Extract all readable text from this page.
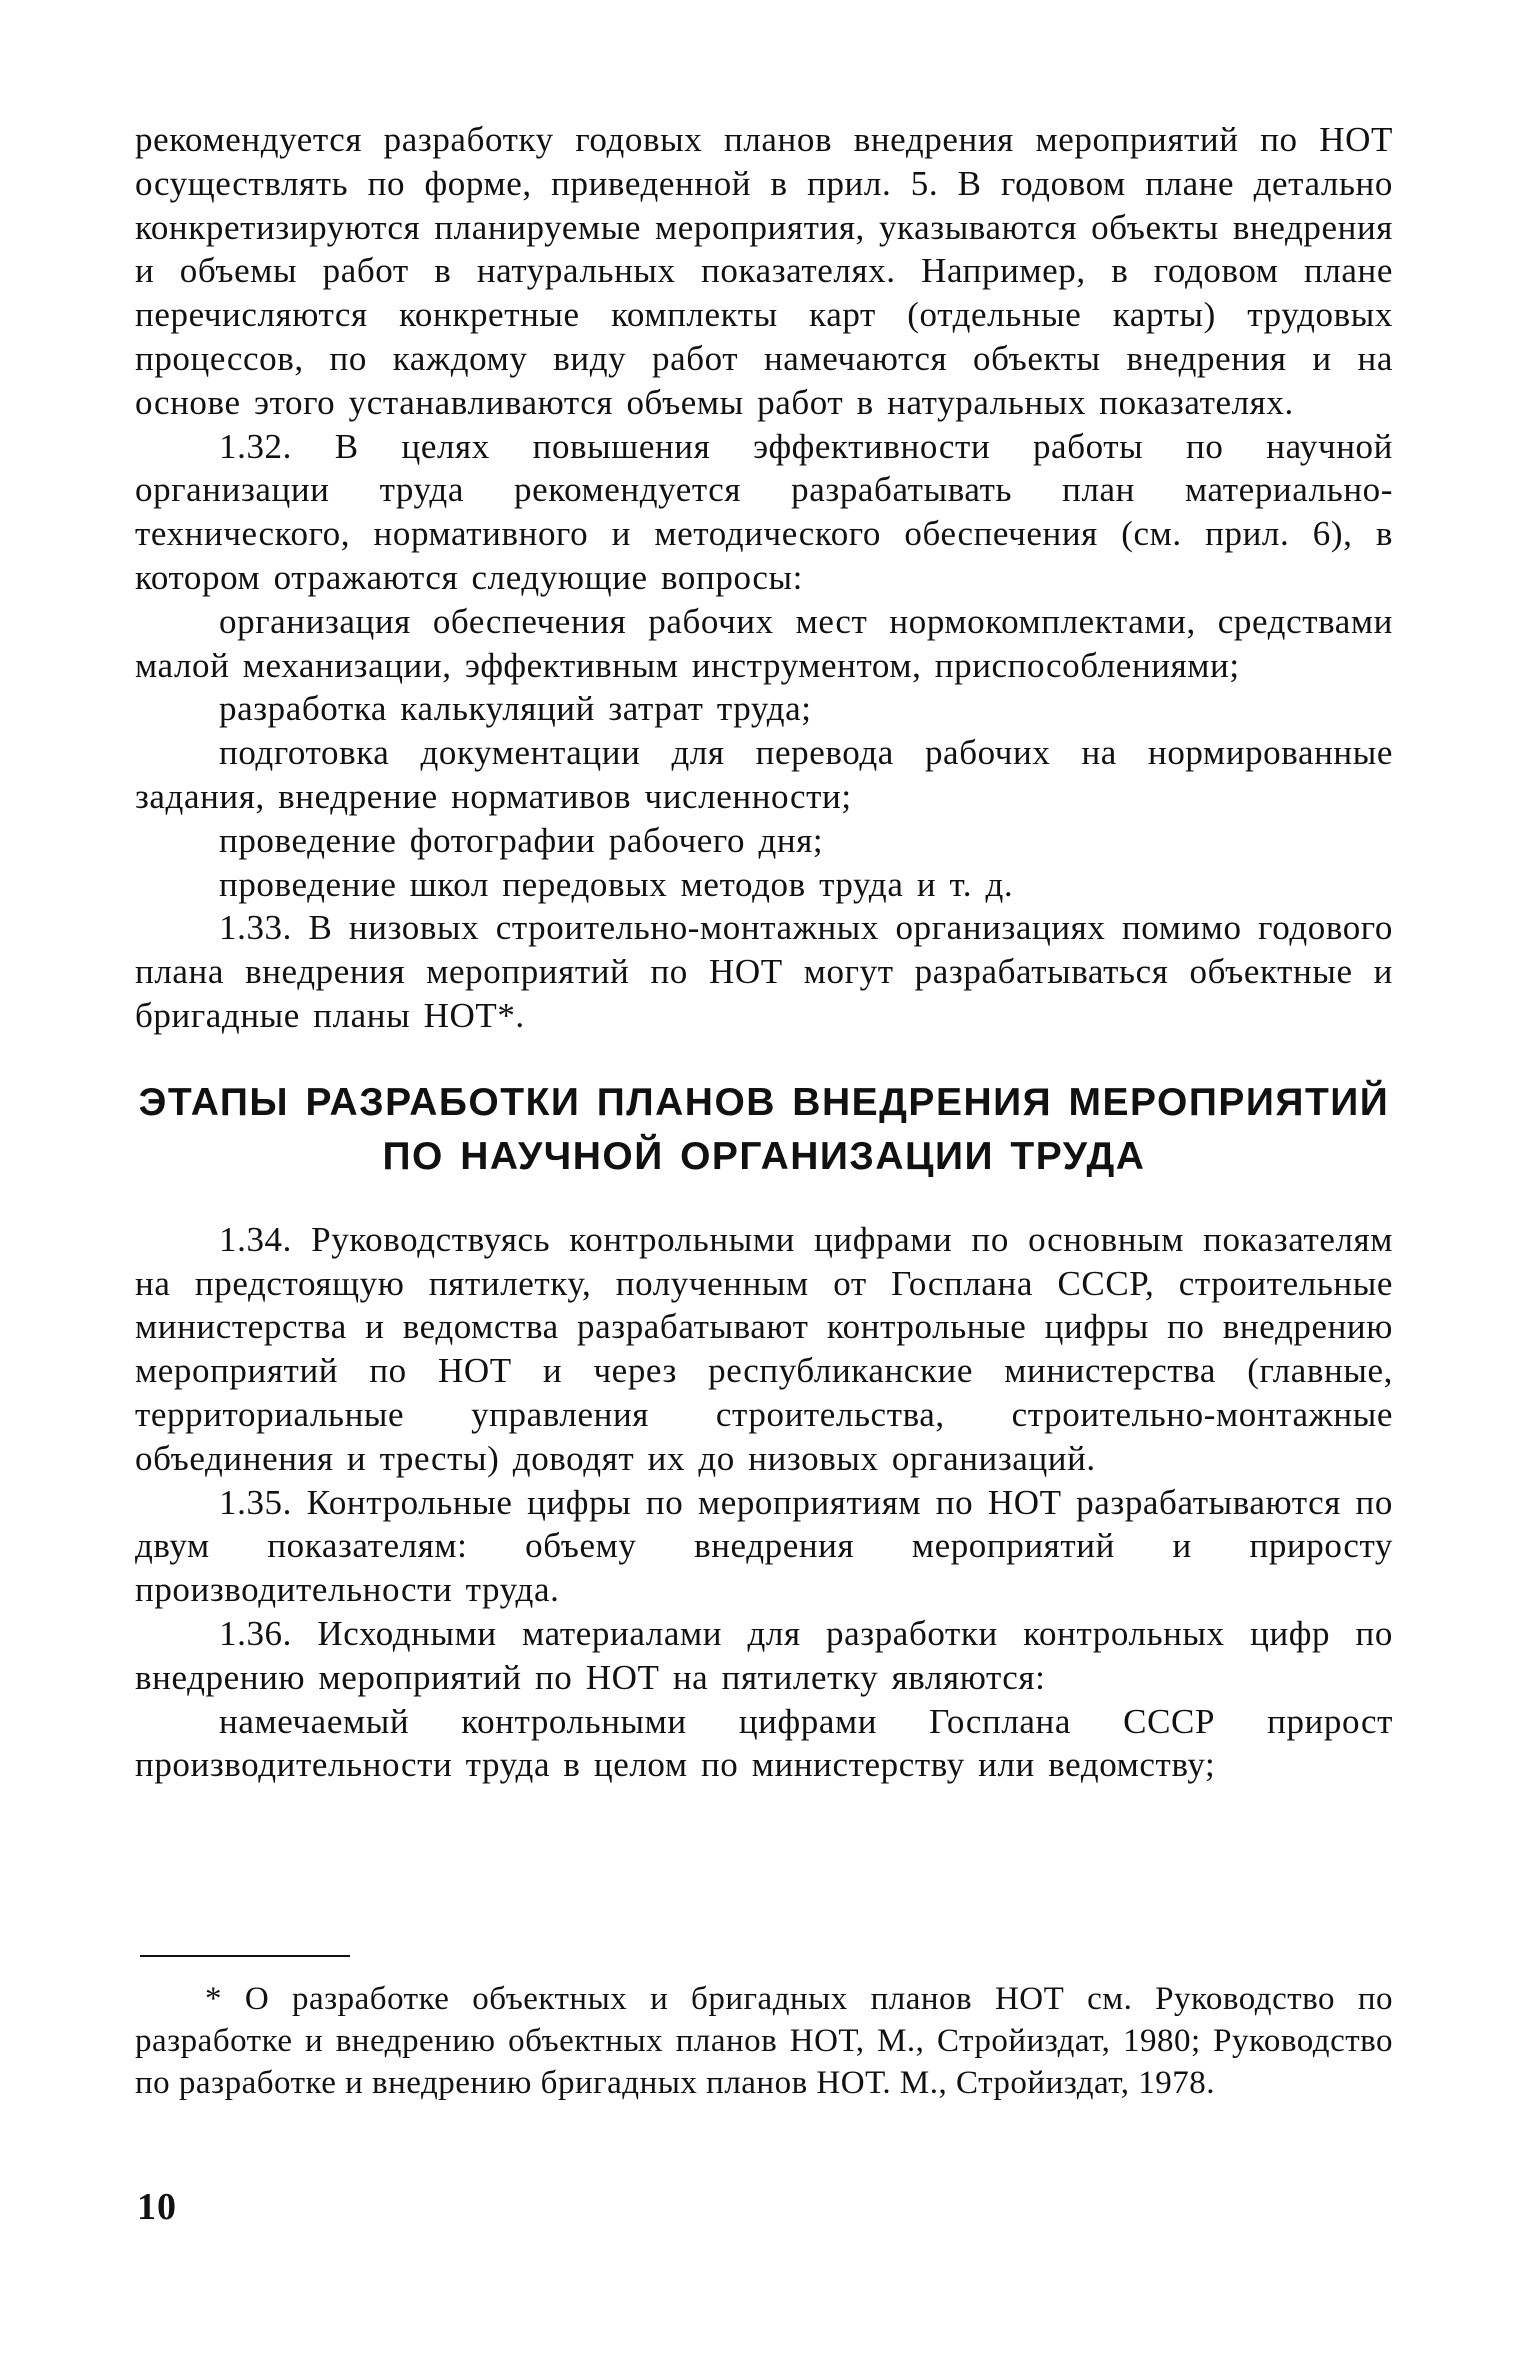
рекомендуется разработку годовых планов внедрения мероприятий по НОТ осуществлять по форме, приведенной в прил. 5. В годовом плане детально конкретизируются планируемые мероприятия, указываются объекты внедрения и объемы работ в натуральных показателях. Например, в годовом плане перечисляются конкретные комплекты карт (отдельные карты) трудовых процессов, по каждому виду работ намечаются объекты внедрения и на основе этого устанавливаются объемы работ в натуральных показателях.

1.32. В целях повышения эффективности работы по научной организации труда рекомендуется разрабатывать план материально-технического, нормативного и методического обеспечения (см. прил. 6), в котором отражаются следующие вопросы:

организация обеспечения рабочих мест нормокомплектами, средствами малой механизации, эффективным инструментом, приспособлениями;

разработка калькуляций затрат труда;

подготовка документации для перевода рабочих на нормированные задания, внедрение нормативов численности;

проведение фотографии рабочего дня;

проведение школ передовых методов труда и т. д.

1.33. В низовых строительно-монтажных организациях помимо годового плана внедрения мероприятий по НОТ могут разрабатываться объектные и бригадные планы НОТ*.

ЭТАПЫ РАЗРАБОТКИ ПЛАНОВ ВНЕДРЕНИЯ МЕРОПРИЯТИЙ
ПО НАУЧНОЙ ОРГАНИЗАЦИИ ТРУДА

1.34. Руководствуясь контрольными цифрами по основным показателям на предстоящую пятилетку, полученным от Госплана СССР, строительные министерства и ведомства разрабатывают контрольные цифры по внедрению мероприятий по НОТ и через республиканские министерства (главные, территориальные управления строительства, строительно-монтажные объединения и тресты) доводят их до низовых организаций.

1.35. Контрольные цифры по мероприятиям по НОТ разрабатываются по двум показателям: объему внедрения мероприятий и приросту производительности труда.

1.36. Исходными материалами для разработки контрольных цифр по внедрению мероприятий по НОТ на пятилетку являются:

намечаемый контрольными цифрами Госплана СССР прирост производительности труда в целом по министерству или ведомству;

* О разработке объектных и бригадных планов НОТ см. Руководство по разработке и внедрению объектных планов НОТ, М., Стройиздат, 1980; Руководство по разработке и внедрению бригадных планов НОТ. М., Стройиздат, 1978.

10
